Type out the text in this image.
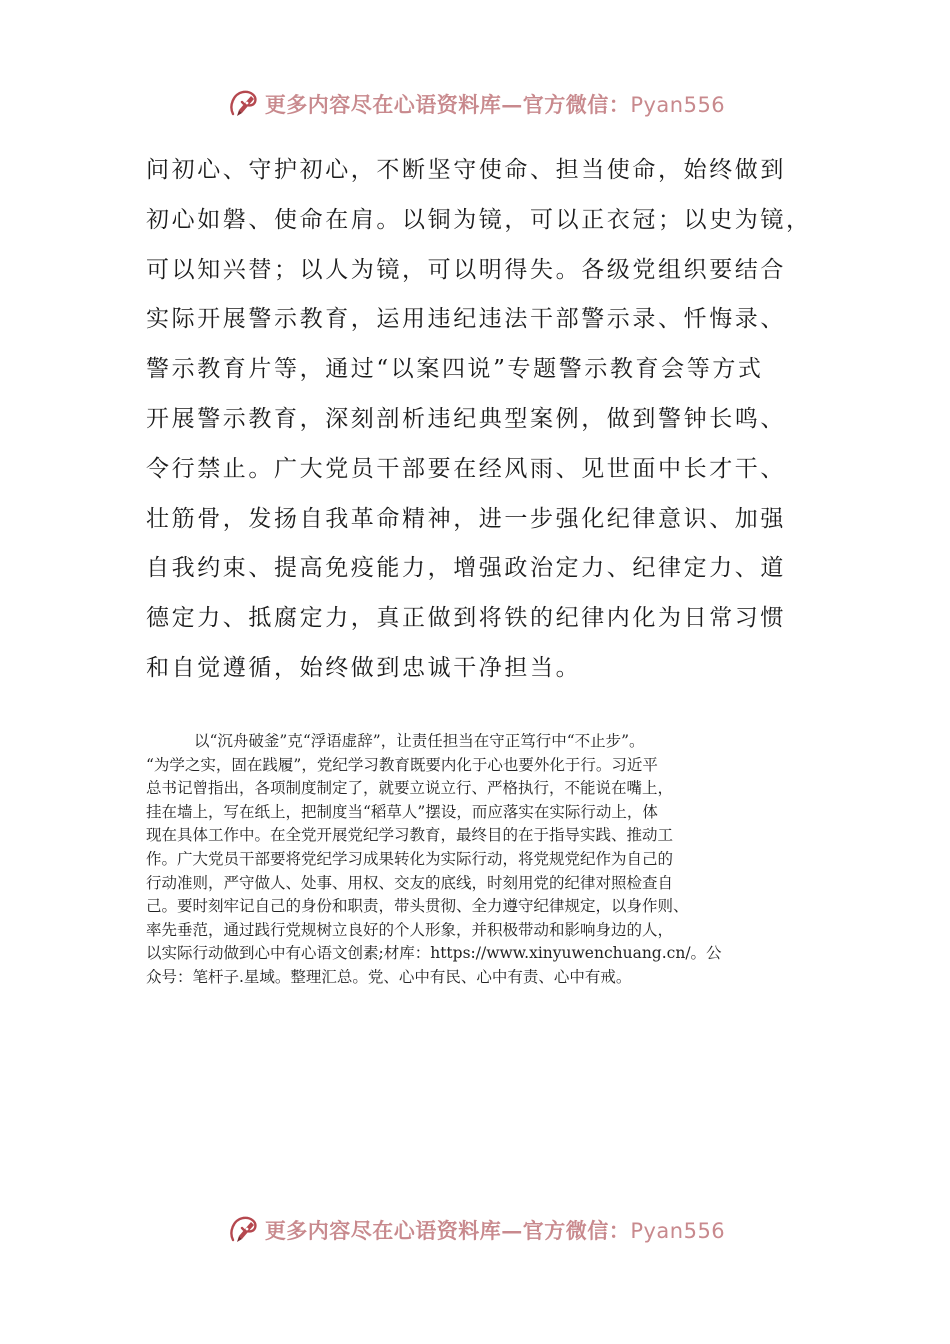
更多内容尽在心语资料库—官方微信：Pyan556
问初心、守护初心，不断坚守使命、担当使命，始终做到
初心如磐、使命在肩。以铜为镜，可以正衣冠；以史为镜，
可以知兴替；以人为镜，可以明得失。各级党组织要结合
实际开展警示教育，运用违纪违法干部警示录、忏悔录、
警示教育片等，通过“以案四说”专题警示教育会等方式
开展警示教育，深刻剖析违纪典型案例，做到警钟长鸣、
令行禁止。广大党员干部要在经风雨、见世面中长才干、
壮筋骨，发扬自我革命精神，进一步强化纪律意识、加强
自我约束、提高免疫能力，增强政治定力、纪律定力、道
德定力、抵腐定力，真正做到将铁的纪律内化为日常习惯
和自觉遵循，始终做到忠诚干净担当。
以“沉舟破釜”克“浮语虚辞”，让责任担当在守正笃行中“不止步”。
“为学之实，固在践履”，党纪学习教育既要内化于心也要外化于行。习近平
总书记曾指出，各项制度制定了，就要立说立行、严格执行，不能说在嘴上，
挂在墙上，写在纸上，把制度当“稻草人”摆设，而应落实在实际行动上，体
现在具体工作中。在全党开展党纪学习教育，最终目的在于指导实践、推动工
作。广大党员干部要将党纪学习成果转化为实际行动，将党规党纪作为自己的
行动准则，严守做人、处事、用权、交友的底线，时刻用党的纪律对照检查自
己。要时刻牢记自己的身份和职责，带头贯彻、全力遵守纪律规定，以身作则、
率先垂范，通过践行党规树立良好的个人形象，并积极带动和影响身边的人，
以实际行动做到心中有心语文创素;材库：https://www.xinyuwenchuang.cn/。公
众号：笔杆子.星域。整理汇总。党、心中有民、心中有责、心中有戒。
更多内容尽在心语资料库—官方微信：Pyan556
